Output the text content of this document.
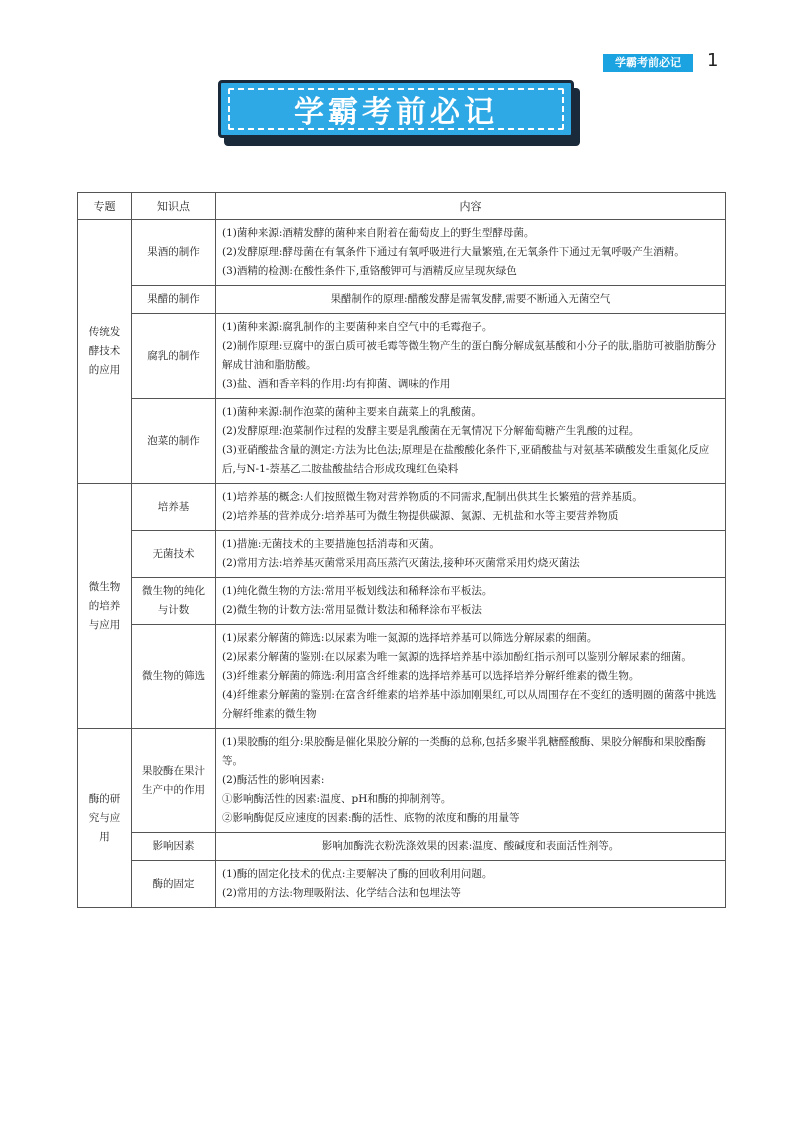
学霸考前必记	1
学霸考前必记
专题	知识点	内容
传统发酵技术的应用	果酒的制作	(1)菌种来源:酒精发酵的菌种来自附着在葡萄皮上的野生型酵母菌。
(2)发酵原理:酵母菌在有氧条件下通过有氧呼吸进行大量繁殖,在无氧条件下通过无氧呼吸产生酒精。
(3)酒精的检测:在酸性条件下,重铬酸钾可与酒精反应呈现灰绿色

	果醋的制作	果醋制作的原理:醋酸发酵是需氧发酵,需要不断通入无菌空气

	腐乳的制作	(1)菌种来源:腐乳制作的主要菌种来自空气中的毛霉孢子。
(2)制作原理:豆腐中的蛋白质可被毛霉等微生物产生的蛋白酶分解成氨基酸和小分子的肽,脂肪可被脂肪酶分解成甘油和脂肪酸。
(3)盐、酒和香辛料的作用:均有抑菌、调味的作用

	泡菜的制作	(1)菌种来源:制作泡菜的菌种主要来自蔬菜上的乳酸菌。
(2)发酵原理:泡菜制作过程的发酵主要是乳酸菌在无氧情况下分解葡萄糖产生乳酸的过程。
(3)亚硝酸盐含量的测定:方法为比色法;原理是在盐酸酸化条件下,亚硝酸盐与对氨基苯磺酸发生重氮化反应后,与N-1-萘基乙二胺盐酸盐结合形成玫瑰红色染料

微生物的培养与应用	培养基	(1)培养基的概念:人们按照微生物对营养物质的不同需求,配制出供其生长繁殖的营养基质。
(2)培养基的营养成分:培养基可为微生物提供碳源、氮源、无机盐和水等主要营养物质

	无菌技术	(1)措施:无菌技术的主要措施包括消毒和灭菌。
(2)常用方法:培养基灭菌常采用高压蒸汽灭菌法,接种环灭菌常采用灼烧灭菌法

	微生物的纯化与计数	(1)纯化微生物的方法:常用平板划线法和稀释涂布平板法。
(2)微生物的计数方法:常用显微计数法和稀释涂布平板法

	微生物的筛选	(1)尿素分解菌的筛选:以尿素为唯一氮源的选择培养基可以筛选分解尿素的细菌。
(2)尿素分解菌的鉴别:在以尿素为唯一氮源的选择培养基中添加酚红指示剂可以鉴别分解尿素的细菌。
(3)纤维素分解菌的筛选:利用富含纤维素的选择培养基可以选择培养分解纤维素的微生物。
(4)纤维素分解菌的鉴别:在富含纤维素的培养基中添加刚果红,可以从周围存在不变红的透明圈的菌落中挑选分解纤维素的微生物

酶的研究与应用	果胶酶在果汁生产中的作用	(1)果胶酶的组分:果胶酶是催化果胶分解的一类酶的总称,包括多聚半乳糖醛酸酶、果胶分解酶和果胶酯酶等。
(2)酶活性的影响因素:
①影响酶活性的因素:温度、pH和酶的抑制剂等。
②影响酶促反应速度的因素:酶的活性、底物的浓度和酶的用量等

	影响因素	影响加酶洗衣粉洗涤效果的因素:温度、酸碱度和表面活性剂等。

	酶的固定	(1)酶的固定化技术的优点:主要解决了酶的回收利用问题。
(2)常用的方法:物理吸附法、化学结合法和包埋法等
